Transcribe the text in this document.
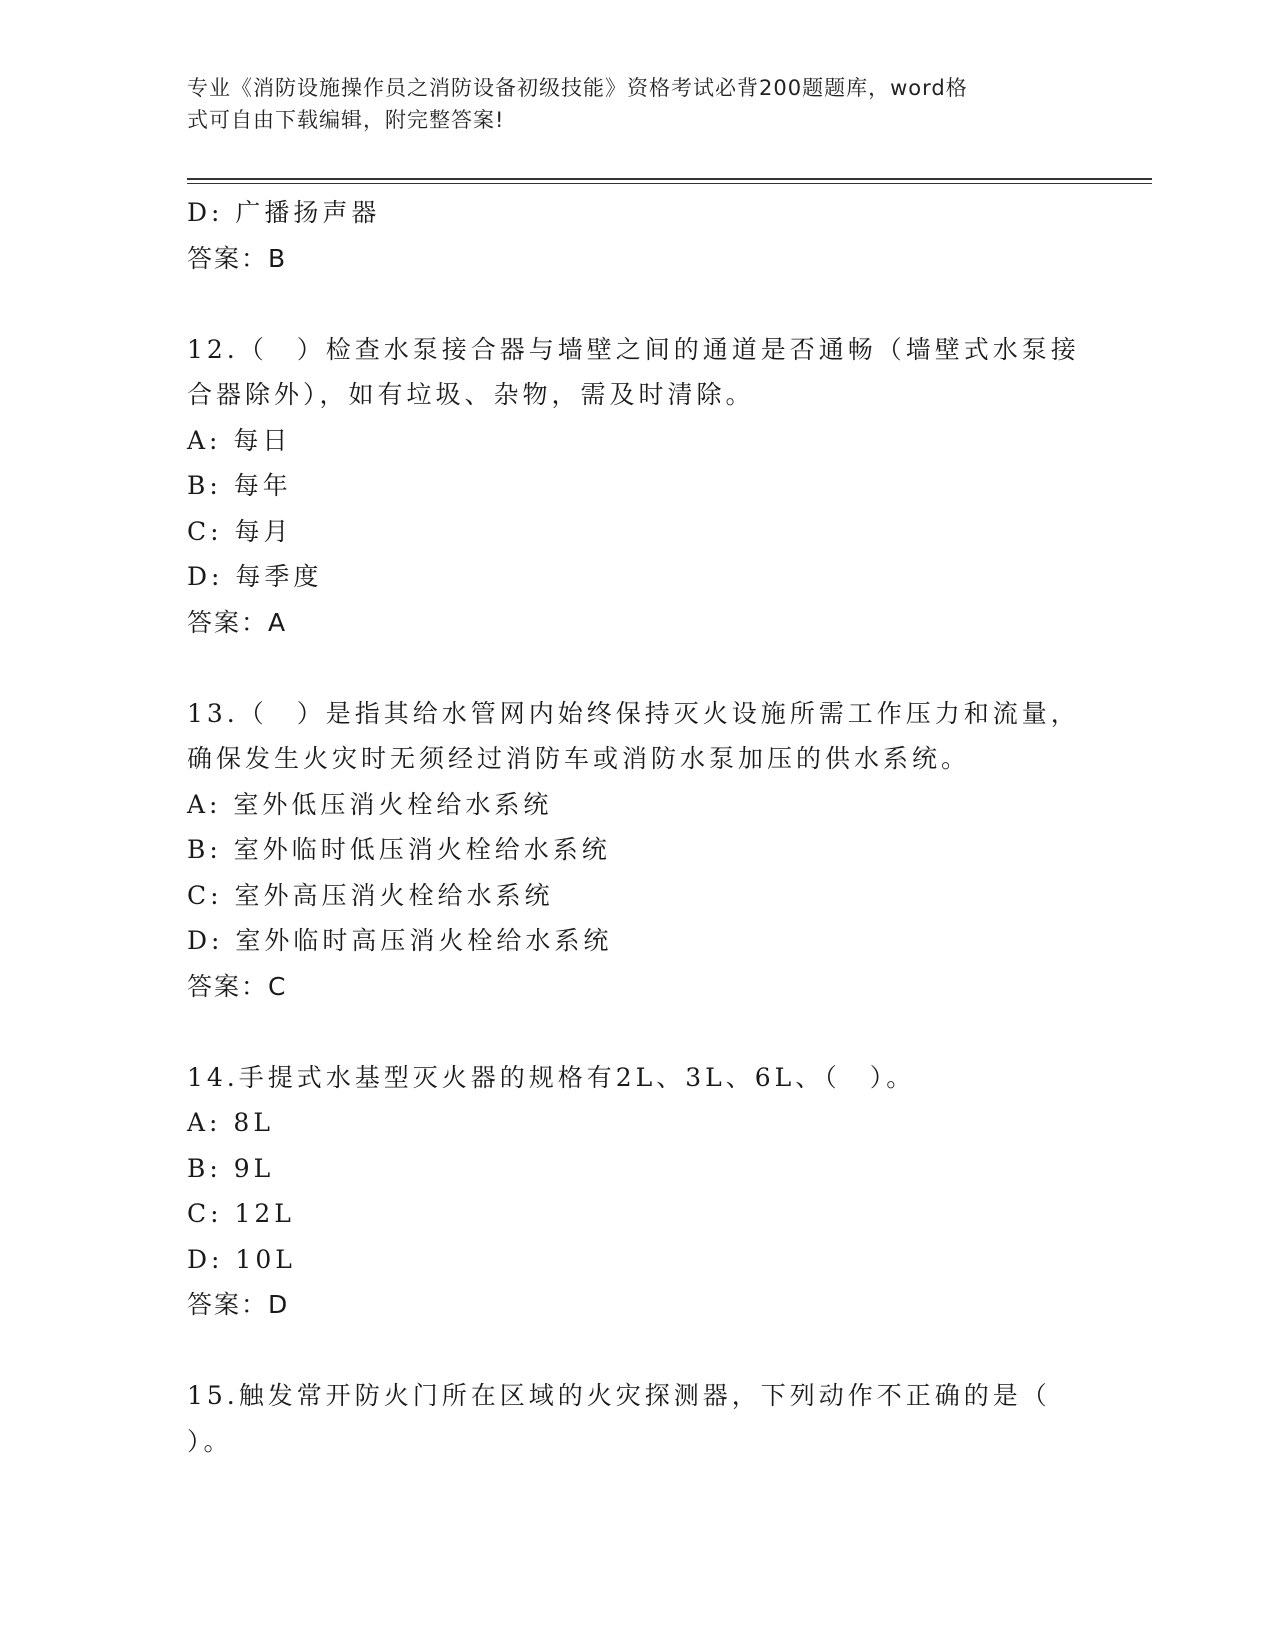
专业《消防设施操作员之消防设备初级技能》资格考试必背200题题库，word格
式可自由下载编辑，附完整答案!
D: 广播扬声器
答案：B
12.（　）检查水泵接合器与墙壁之间的通道是否通畅（墙壁式水泵接
合器除外），如有垃圾、杂物，需及时清除。
A: 每日
B: 每年
C: 每月
D: 每季度
答案：A
13.（　）是指其给水管网内始终保持灭火设施所需工作压力和流量，
确保发生火灾时无须经过消防车或消防水泵加压的供水系统。
A: 室外低压消火栓给水系统
B: 室外临时低压消火栓给水系统
C: 室外高压消火栓给水系统
D: 室外临时高压消火栓给水系统
答案：C
14.手提式水基型灭火器的规格有2L、3L、6L、（　）。
A: 8L
B: 9L
C: 12L
D: 10L
答案：D
15.触发常开防火门所在区域的火灾探测器，下列动作不正确的是（
）。
